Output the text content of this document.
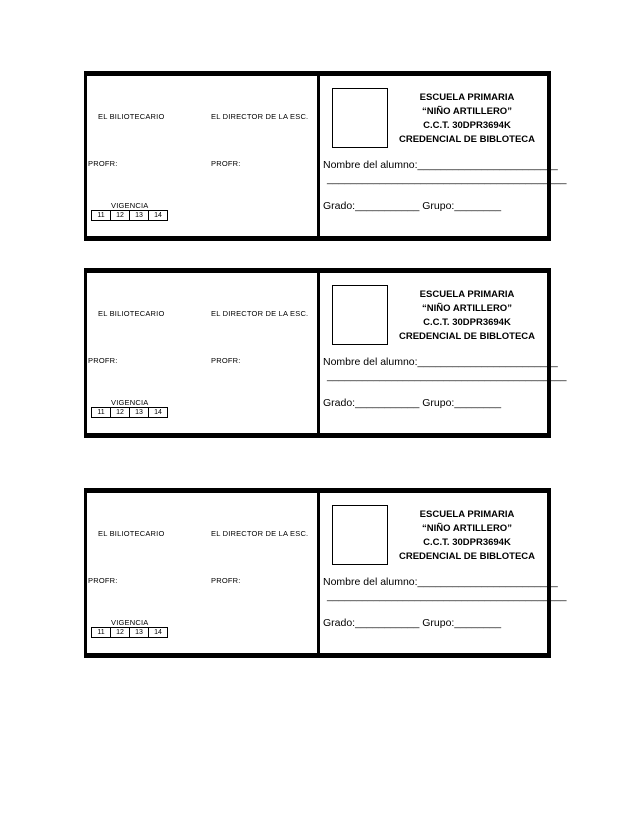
EL BILIOTECARIO	EL DIRECTOR DE LA ESC.
PROFR:	PROFR:
VIGENCIA
11	12	13	14
ESCUELA PRIMARIA
“NIÑO ARTILLERO”
C.C.T. 30DPR3694K
CREDENCIAL DE BIBLOTECA
Nombre del alumno:________________________
_________________________________________
Grado:___________ Grupo:________
EL BILIOTECARIO	EL DIRECTOR DE LA ESC.
PROFR:	PROFR:
VIGENCIA
11	12	13	14
ESCUELA PRIMARIA
“NIÑO ARTILLERO”
C.C.T. 30DPR3694K
CREDENCIAL DE BIBLOTECA
Nombre del alumno:________________________
_________________________________________
Grado:___________ Grupo:________
EL BILIOTECARIO	EL DIRECTOR DE LA ESC.
PROFR:	PROFR:
VIGENCIA
11	12	13	14
ESCUELA PRIMARIA
“NIÑO ARTILLERO”
C.C.T. 30DPR3694K
CREDENCIAL DE BIBLOTECA
Nombre del alumno:________________________
_________________________________________
Grado:___________ Grupo:________
